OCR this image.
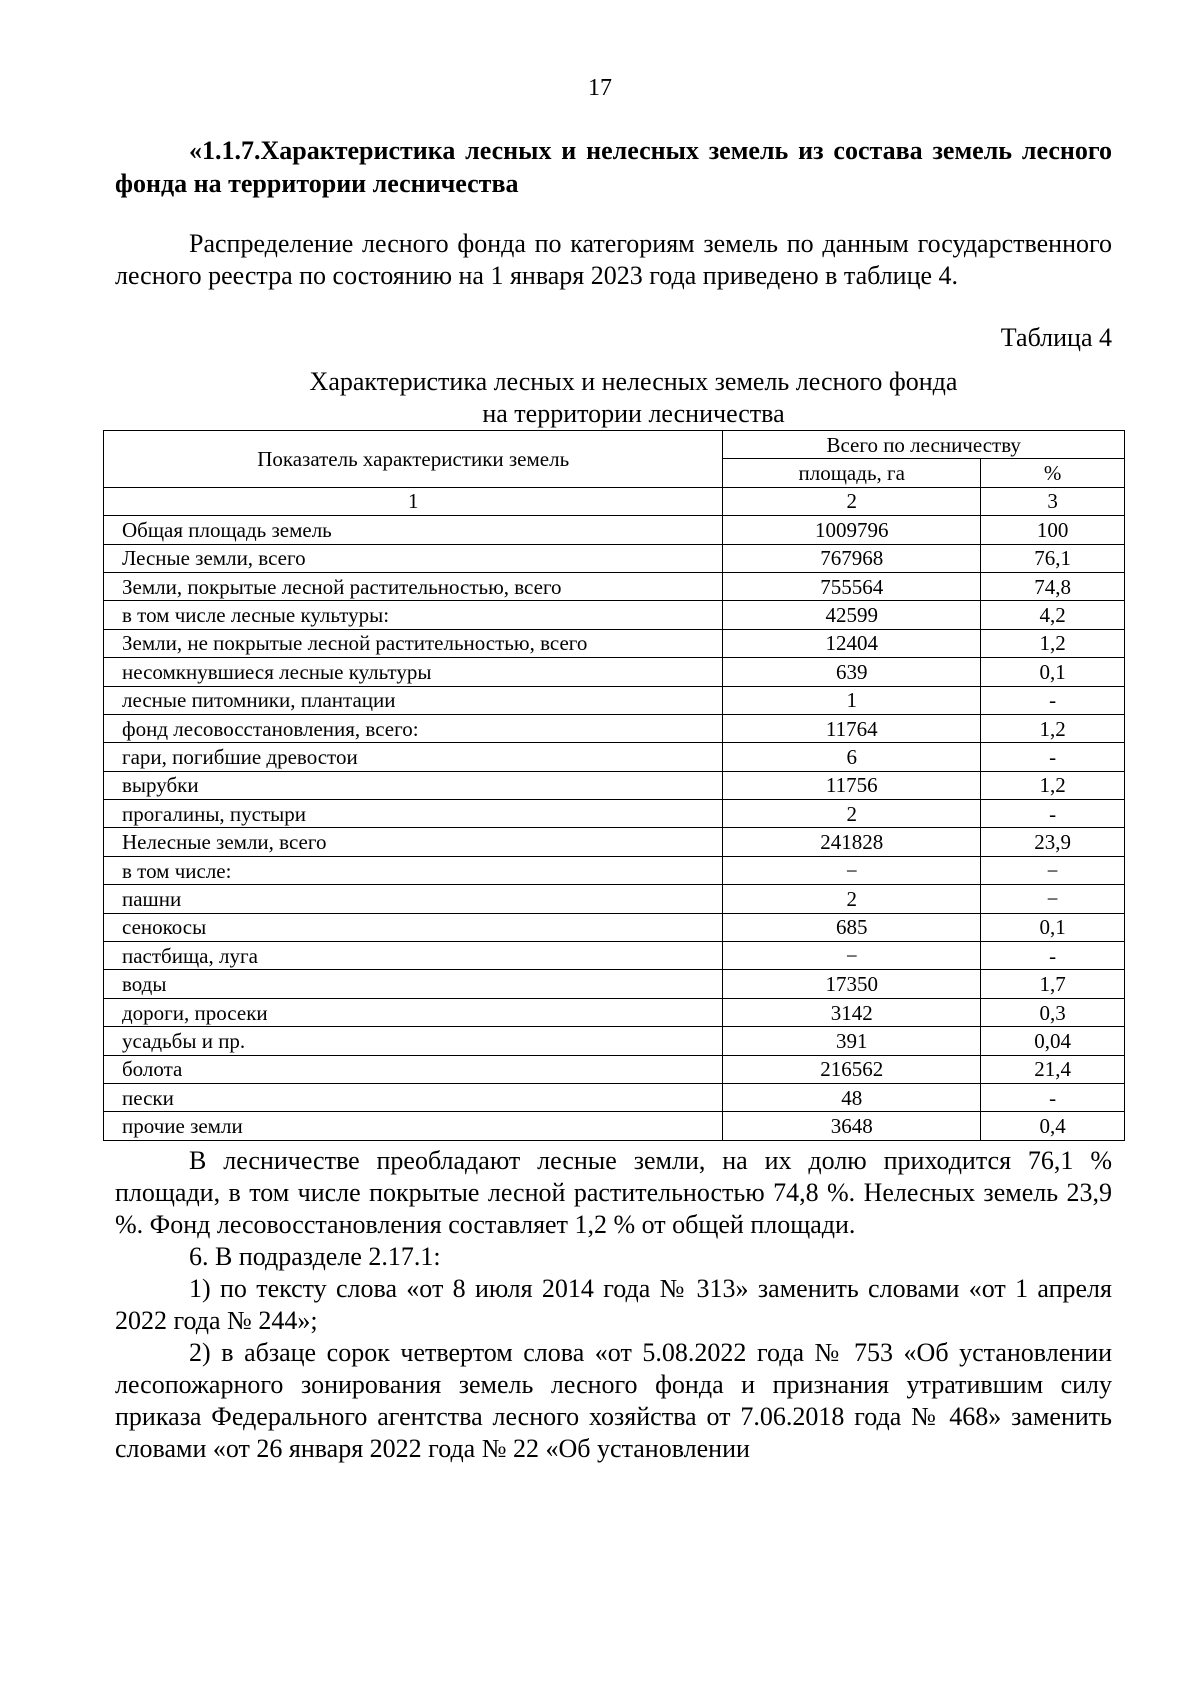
17

«1.1.7.Характеристика лесных и нелесных земель из состава земель лесного фонда на территории лесничества

Распределение лесного фонда по категориям земель по данным государственного лесного реестра по состоянию на 1 января 2023 года приведено в таблице 4.

Таблица 4
Характеристика лесных и нелесных земель лесного фонда
на территории лесничества
Показатель характеристики земель	Всего по лесничеству	
	площадь, га	%
1	2	3
Общая площадь земель	1009796	100
Лесные земли, всего	767968	76,1
Земли, покрытые лесной растительностью, всего	755564	74,8
в том числе лесные культуры:	42599	4,2
Земли, не покрытые лесной растительностью, всего	12404	1,2
несомкнувшиеся лесные культуры	639	0,1
лесные питомники, плантации	1	-
фонд лесовосстановления, всего:	11764	1,2
гари, погибшие древостои	6	-
вырубки	11756	1,2
прогалины, пустыри	2	-
Нелесные земли, всего	241828	23,9
в том числе:	−	−
пашни	2	−
сенокосы	685	0,1
пастбища, луга	−	-
воды	17350	1,7
дороги, просеки	3142	0,3
усадьбы и пр.	391	0,04
болота	216562	21,4
пески	48	-
прочие земли	3648	0,4

В лесничестве преобладают лесные земли, на их долю приходится 76,1 % площади, в том числе покрытые лесной растительностью 74,8 %. Нелесных земель 23,9 %. Фонд лесовосстановления составляет 1,2 % от общей площади.

6. В подразделе 2.17.1:

1) по тексту слова «от 8 июля 2014 года № 313» заменить словами «от 1 апреля 2022 года № 244»;

2) в абзаце сорок четвертом слова «от 5.08.2022 года № 753 «Об установлении лесопожарного зонирования земель лесного фонда и признания утратившим силу приказа Федерального агентства лесного хозяйства от 7.06.2018 года № 468» заменить словами «от 26 января 2022 года № 22 «Об установлении
